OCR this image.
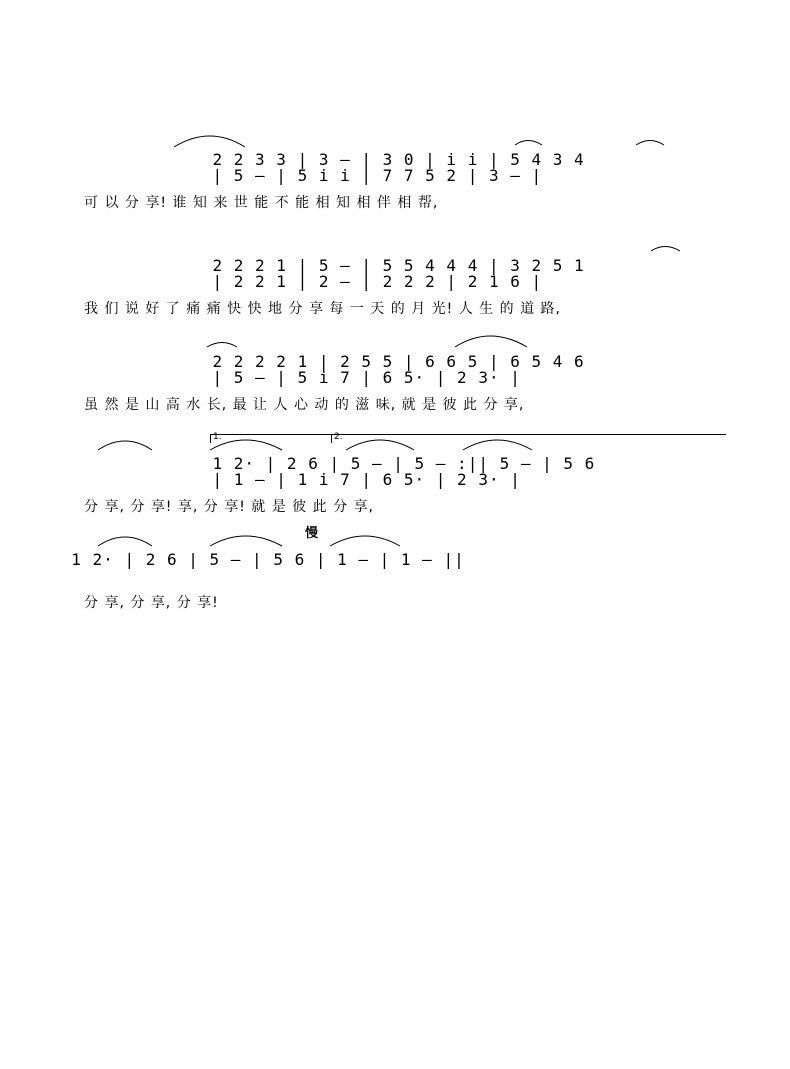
2 2 3 3 | 3 – | 3 0 | i i | 5 4 3 4 | 5 – | 5 i i | 7 7 5 2 | 3 – |
可 以 分 享! 谁 知 来 世 能 不 能 相 知 相 伴 相 帮,
2 2 2 1 | 5 – | 5 5 4 4 4 | 3 2 5 1 | 2 2 1 | 2 – | 2 2 2 | 2 1 6 |
我 们 说 好 了 痛 痛 快 快 地 分 享 每 一 天 的 月 光! 人 生 的 道 路,
2 2 2 2 1 | 2 5 5 | 6 6 5 | 6 5 4 6 | 5 – | 5 i 7 | 6 5· | 2 3· |
虽 然 是 山 高 水 长, 最 让 人 心 动 的 滋 味, 就 是 彼 此 分 享,
1.	2.
1 2· | 2 6 | 5 – | 5 – :|| 5 – | 5 6 | 1 – | 1 i 7 | 6 5· | 2 3· |
分 享, 分 享! 享, 分 享! 就 是 彼 此 分 享,
慢
1 2· | 2 6 | 5 – | 5 6 | 1 – | 1 – ||
分 享, 分 享, 分 享!
